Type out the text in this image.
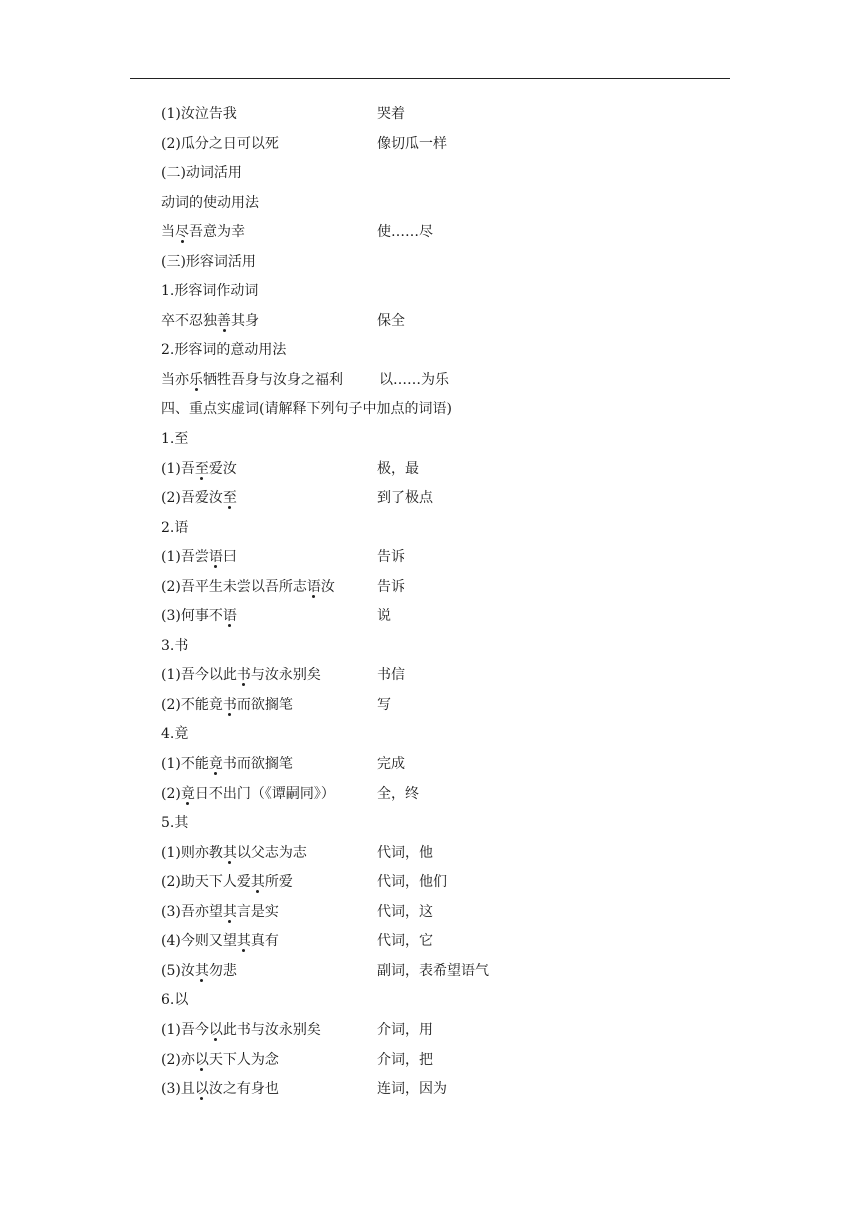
(1)汝泣告我	哭着
(2)瓜分之日可以死	像切瓜一样
(二)动词活用
动词的使动用法
当尽吾意为幸	使……尽
(三)形容词活用
1.形容词作动词
卒不忍独善其身	保全
2.形容词的意动用法
当亦乐牺牲吾身与汝身之福利	以……为乐
四、重点实虚词(请解释下列句子中加点的词语)
1.至
(1)吾至爱汝	极，最
(2)吾爱汝至	到了极点
2.语
(1)吾尝语曰	告诉
(2)吾平生未尝以吾所志语汝	告诉
(3)何事不语	说
3.书
(1)吾今以此书与汝永别矣	书信
(2)不能竟书而欲搁笔	写
4.竟
(1)不能竟书而欲搁笔	完成
(2)竟日不出门（《谭嗣同》）	全，终
5.其
(1)则亦教其以父志为志	代词，他
(2)助天下人爱其所爱	代词，他们
(3)吾亦望其言是实	代词，这
(4)今则又望其真有	代词，它
(5)汝其勿悲	副词，表希望语气
6.以
(1)吾今以此书与汝永别矣	介词，用
(2)亦以天下人为念	介词，把
(3)且以汝之有身也	连词，因为
